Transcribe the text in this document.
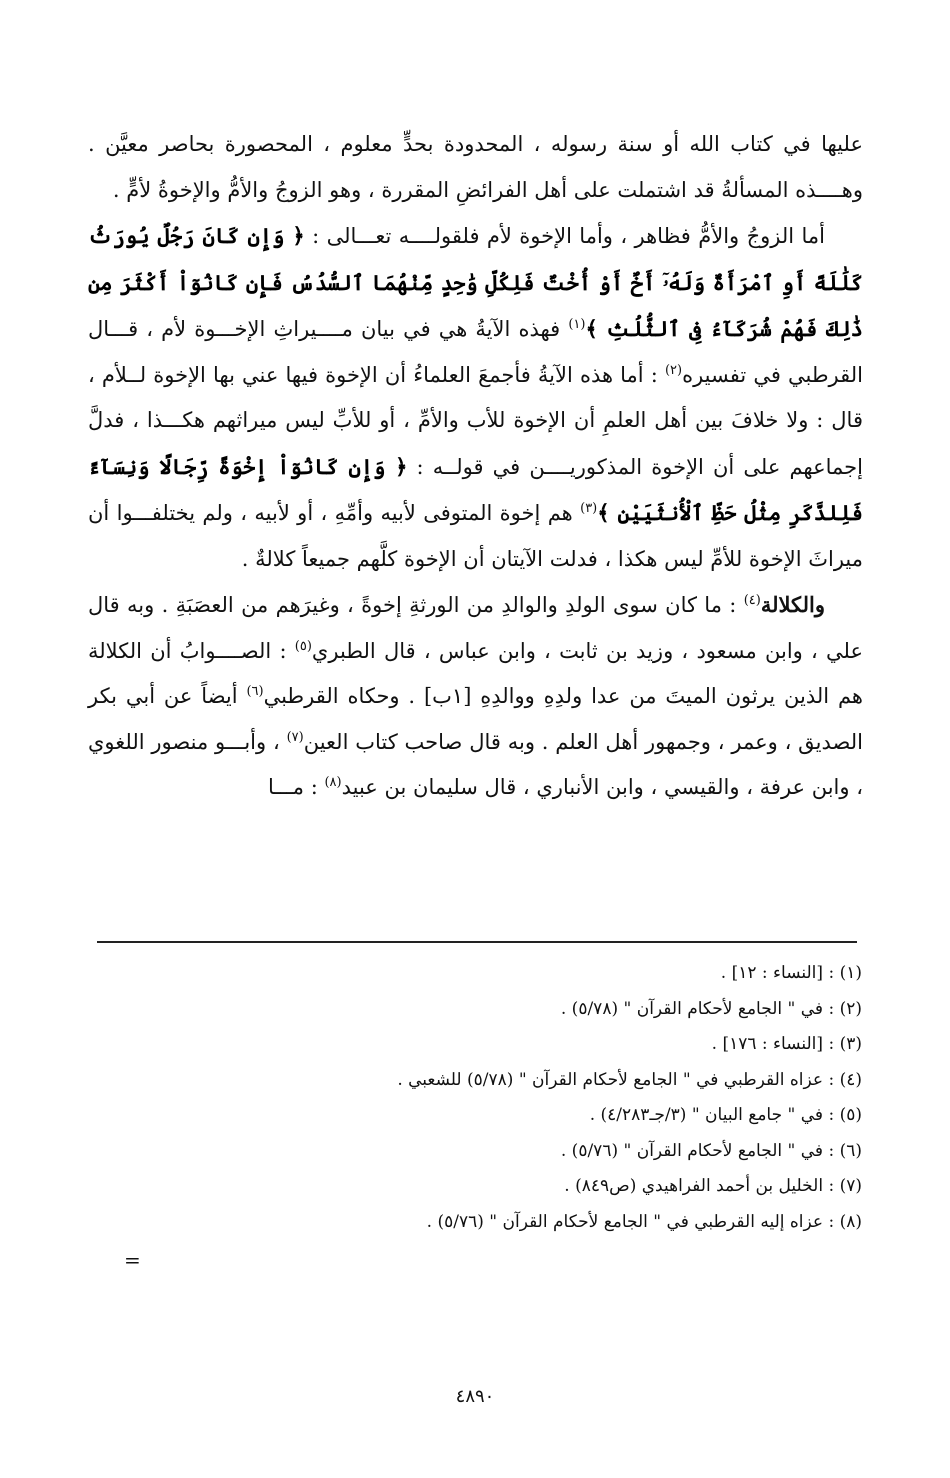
عليها في كتاب الله أو سنة رسوله ، المحدودة بحدٍّ معلوم ، المحصورة بحاصر معيَّن . وهــــذه المسألةُ قد اشتملت على أهل الفرائضِ المقررة ، وهو الزوجُ والأمُّ والإخوةُ لأمٍّ .

أما الزوجُ والأمُّ فظاهر ، وأما الإخوة لأم فلقولــــه تعـــالى : ﴿ وَإِن كَانَ رَجُلٌ يُورَثُ كَلَٰلَةً أَوِ ٱمْرَأَةٌ وَلَهُۥٓ أَخٌ أَوْ أُخْتٌ فَلِكُلِّ وَٰحِدٍ مِّنْهُمَا ٱلسُّدُسُ فَإِن كَانُوٓاْ أَكْثَرَ مِن ذَٰلِكَ فَهُمْ شُرَكَآءُ فِى ٱلثُّلُثِ ﴾$^{(١)}$ فهذه الآيةُ هي في بيان مــــيراثِ الإخـــوة لأم ، قـــال القرطبي في تفسيره$^{(٢)}$ : أما هذه الآيةُ فأجمعَ العلماءُ أن الإخوة فيها عني بها الإخوة لــلأم ، قال : ولا خلافَ بين أهل العلمِ أن الإخوة للأب والأمِّ ، أو للأبِّ ليس ميراثهم هكـــذا ، فدلَّ إجماعهم على أن الإخوة المذكوريــــن في قولــه : ﴿ وَإِن كَانُوٓاْ إِخْوَةً رِّجَالًا وَنِسَآءً فَلِلذَّكَرِ مِثْلُ حَظِّ ٱلْأُنثَيَيْنِ ﴾$^{(٣)}$ هم إخوة المتوفى لأبيه وأمِّهِ ، أو لأبيه ، ولم يختلفـــوا أن ميراثَ الإخوة للأمِّ ليس هكذا ، فدلت الآيتان أن الإخوة كلَّهم جميعاً كلالةٌ .

والكلالة$^{(٤)}$ : ما كان سوى الولدِ والوالدِ من الورثةِ إخوةً ، وغيرَهم من العصَبَةِ . وبه قال علي ، وابن مسعود ، وزيد بن ثابت ، وابن عباس ، قال الطبري$^{(٥)}$ : الصــــوابُ أن الكلالة هم الذين يرثون الميتَ من عدا ولدِهِ ووالدِهِ [١ب] . وحكاه القرطبي$^{(٦)}$ أيضاً عن أبي بكر الصديق ، وعمر ، وجمهور أهل العلم . وبه قال صاحب كتاب العين$^{(٧)}$ ، وأبـــو منصور اللغوي ، وابن عرفة ، والقيسي ، وابن الأنباري ، قال سليمان بن عبيد$^{(٨)}$ : مـــا

(١) : [النساء : ١٢] .
(٢) : في " الجامع لأحكام القرآن " (٥/٧٨) .
(٣) : [النساء : ١٧٦] .
(٤) : عزاه القرطبي في " الجامع لأحكام القرآن " (٥/٧٨) للشعبي .
(٥) : في " جامع البيان " (٣/جـ٤/٢٨٣) .
(٦) : في " الجامع لأحكام القرآن " (٥/٧٦) .
(٧) : الخليل بن أحمد الفراهيدي (ص٨٤٩) .
(٨) : عزاه إليه القرطبي في " الجامع لأحكام القرآن " (٥/٧٦) .
=
٤٨٩٠
